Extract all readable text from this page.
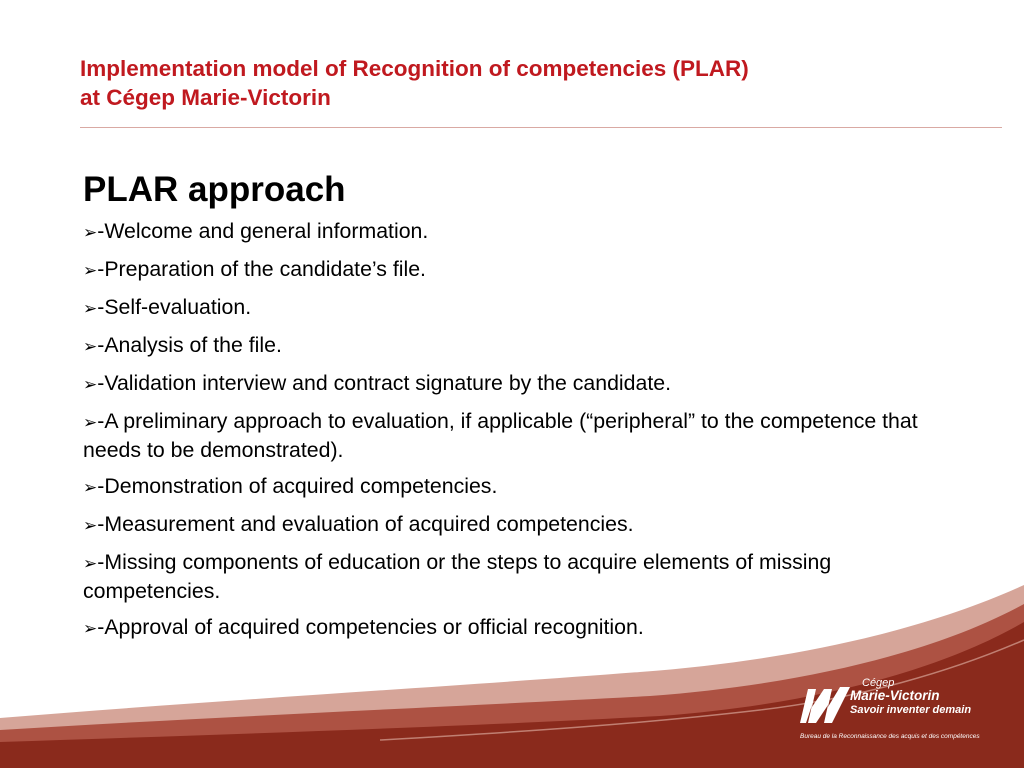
Implementation model of Recognition of competencies (PLAR)
at Cégep Marie-Victorin
PLAR approach
➢-Welcome and general information.
➢-Preparation of the candidate’s file.
➢-Self-evaluation.
➢-Analysis of the file.
➢-Validation interview and contract signature by the candidate.
➢-A preliminary approach to evaluation, if applicable (“peripheral” to the competence that needs to be demonstrated).
➢-Demonstration of acquired competencies.
➢-Measurement and evaluation of acquired competencies.
➢-Missing components of education or the steps to acquire elements of missing competencies.
➢-Approval of acquired competencies or official recognition.
Cégep
Marie-Victorin
Savoir inventer demain
Bureau de la Reconnaissance des acquis et des compétences
